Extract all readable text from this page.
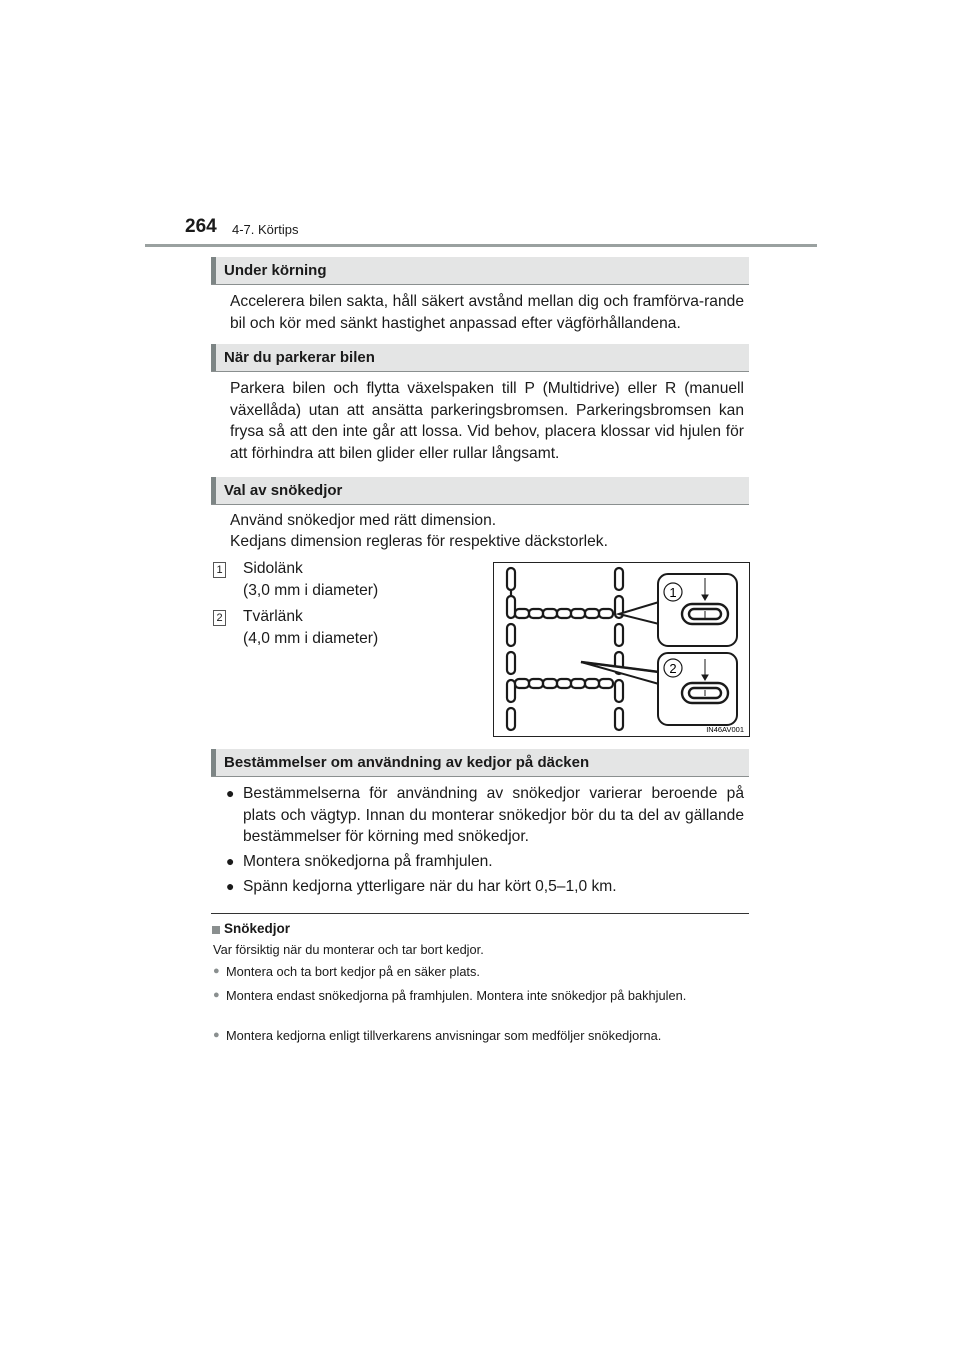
264 4-7. Körtips
Under körning
Accelerera bilen sakta, håll säkert avstånd mellan dig och framförva-rande bil och kör med sänkt hastighet anpassad efter vägförhållandena.
När du parkerar bilen
Parkera bilen och flytta växelspaken till P (Multidrive) eller R (manuell växellåda) utan att ansätta parkeringsbromsen. Parkeringsbromsen kan frysa så att den inte går att lossa. Vid behov, placera klossar vid hjulen för att förhindra att bilen glider eller rullar långsamt.
Val av snökedjor
Använd snökedjor med rätt dimension.
Kedjans dimension regleras för respektive däckstorlek.
1 Sidolänk
(3,0 mm i diameter)
2 Tvärlänk
(4,0 mm i diameter)
1
2
IN46AV001
Bestämmelser om användning av kedjor på däcken
● Bestämmelserna för användning av snökedjor varierar beroende på plats och vägtyp. Innan du monterar snökedjor bör du ta del av gällande bestämmelser för körning med snökedjor.
● Montera snökedjorna på framhjulen.
● Spänn kedjorna ytterligare när du har kört 0,5–1,0 km.
Snökedjor
Var försiktig när du monterar och tar bort kedjor.
● Montera och ta bort kedjor på en säker plats.
● Montera endast snökedjorna på framhjulen. Montera inte snökedjor på bakhjulen.
● Montera kedjorna enligt tillverkarens anvisningar som medföljer snökedjorna.
